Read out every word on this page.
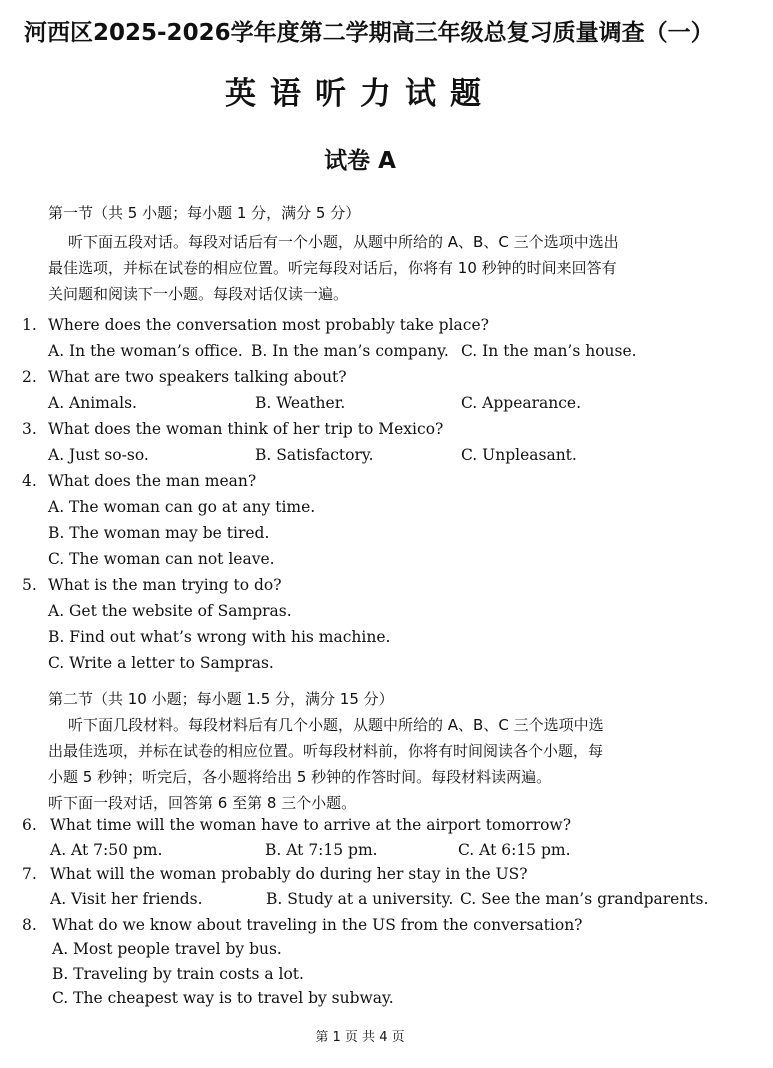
河西区2025-2026学年度第二学期高三年级总复习质量调查（一）
英语听力试题
试卷 A
第一节（共 5 小题；每小题 1 分，满分 5 分）
听下面五段对话。每段对话后有一个小题，从题中所给的 A、B、C 三个选项中选出
最佳选项，并标在试卷的相应位置。听完每段对话后，你将有 10 秒钟的时间来回答有
关问题和阅读下一小题。每段对话仅读一遍。
1. Where does the conversation most probably take place?
A. In the woman’s office. B. In the man’s company. C. In the man’s house.
2. What are two speakers talking about?
A. Animals.	B. Weather.	C. Appearance.
3. What does the woman think of her trip to Mexico?
A. Just so-so.	B. Satisfactory.	C. Unpleasant.
4. What does the man mean?
A. The woman can go at any time.
B. The woman may be tired.
C. The woman can not leave.
5. What is the man trying to do?
A. Get the website of Sampras.
B. Find out what’s wrong with his machine.
C. Write a letter to Sampras.
第二节（共 10 小题；每小题 1.5 分，满分 15 分）
听下面几段材料。每段材料后有几个小题，从题中所给的 A、B、C 三个选项中选
出最佳选项，并标在试卷的相应位置。听每段材料前，你将有时间阅读各个小题，每
小题 5 秒钟；听完后，各小题将给出 5 秒钟的作答时间。每段材料读两遍。
听下面一段对话，回答第 6 至第 8 三个小题。
6. What time will the woman have to arrive at the airport tomorrow?
A. At 7:50 pm.	B. At 7:15 pm.	C. At 6:15 pm.
7. What will the woman probably do during her stay in the US?
A. Visit her friends.	B. Study at a university. C. See the man’s grandparents.
8. What do we know about traveling in the US from the conversation?
A. Most people travel by bus.
B. Traveling by train costs a lot.
C. The cheapest way is to travel by subway.
第 1 页 共 4 页
